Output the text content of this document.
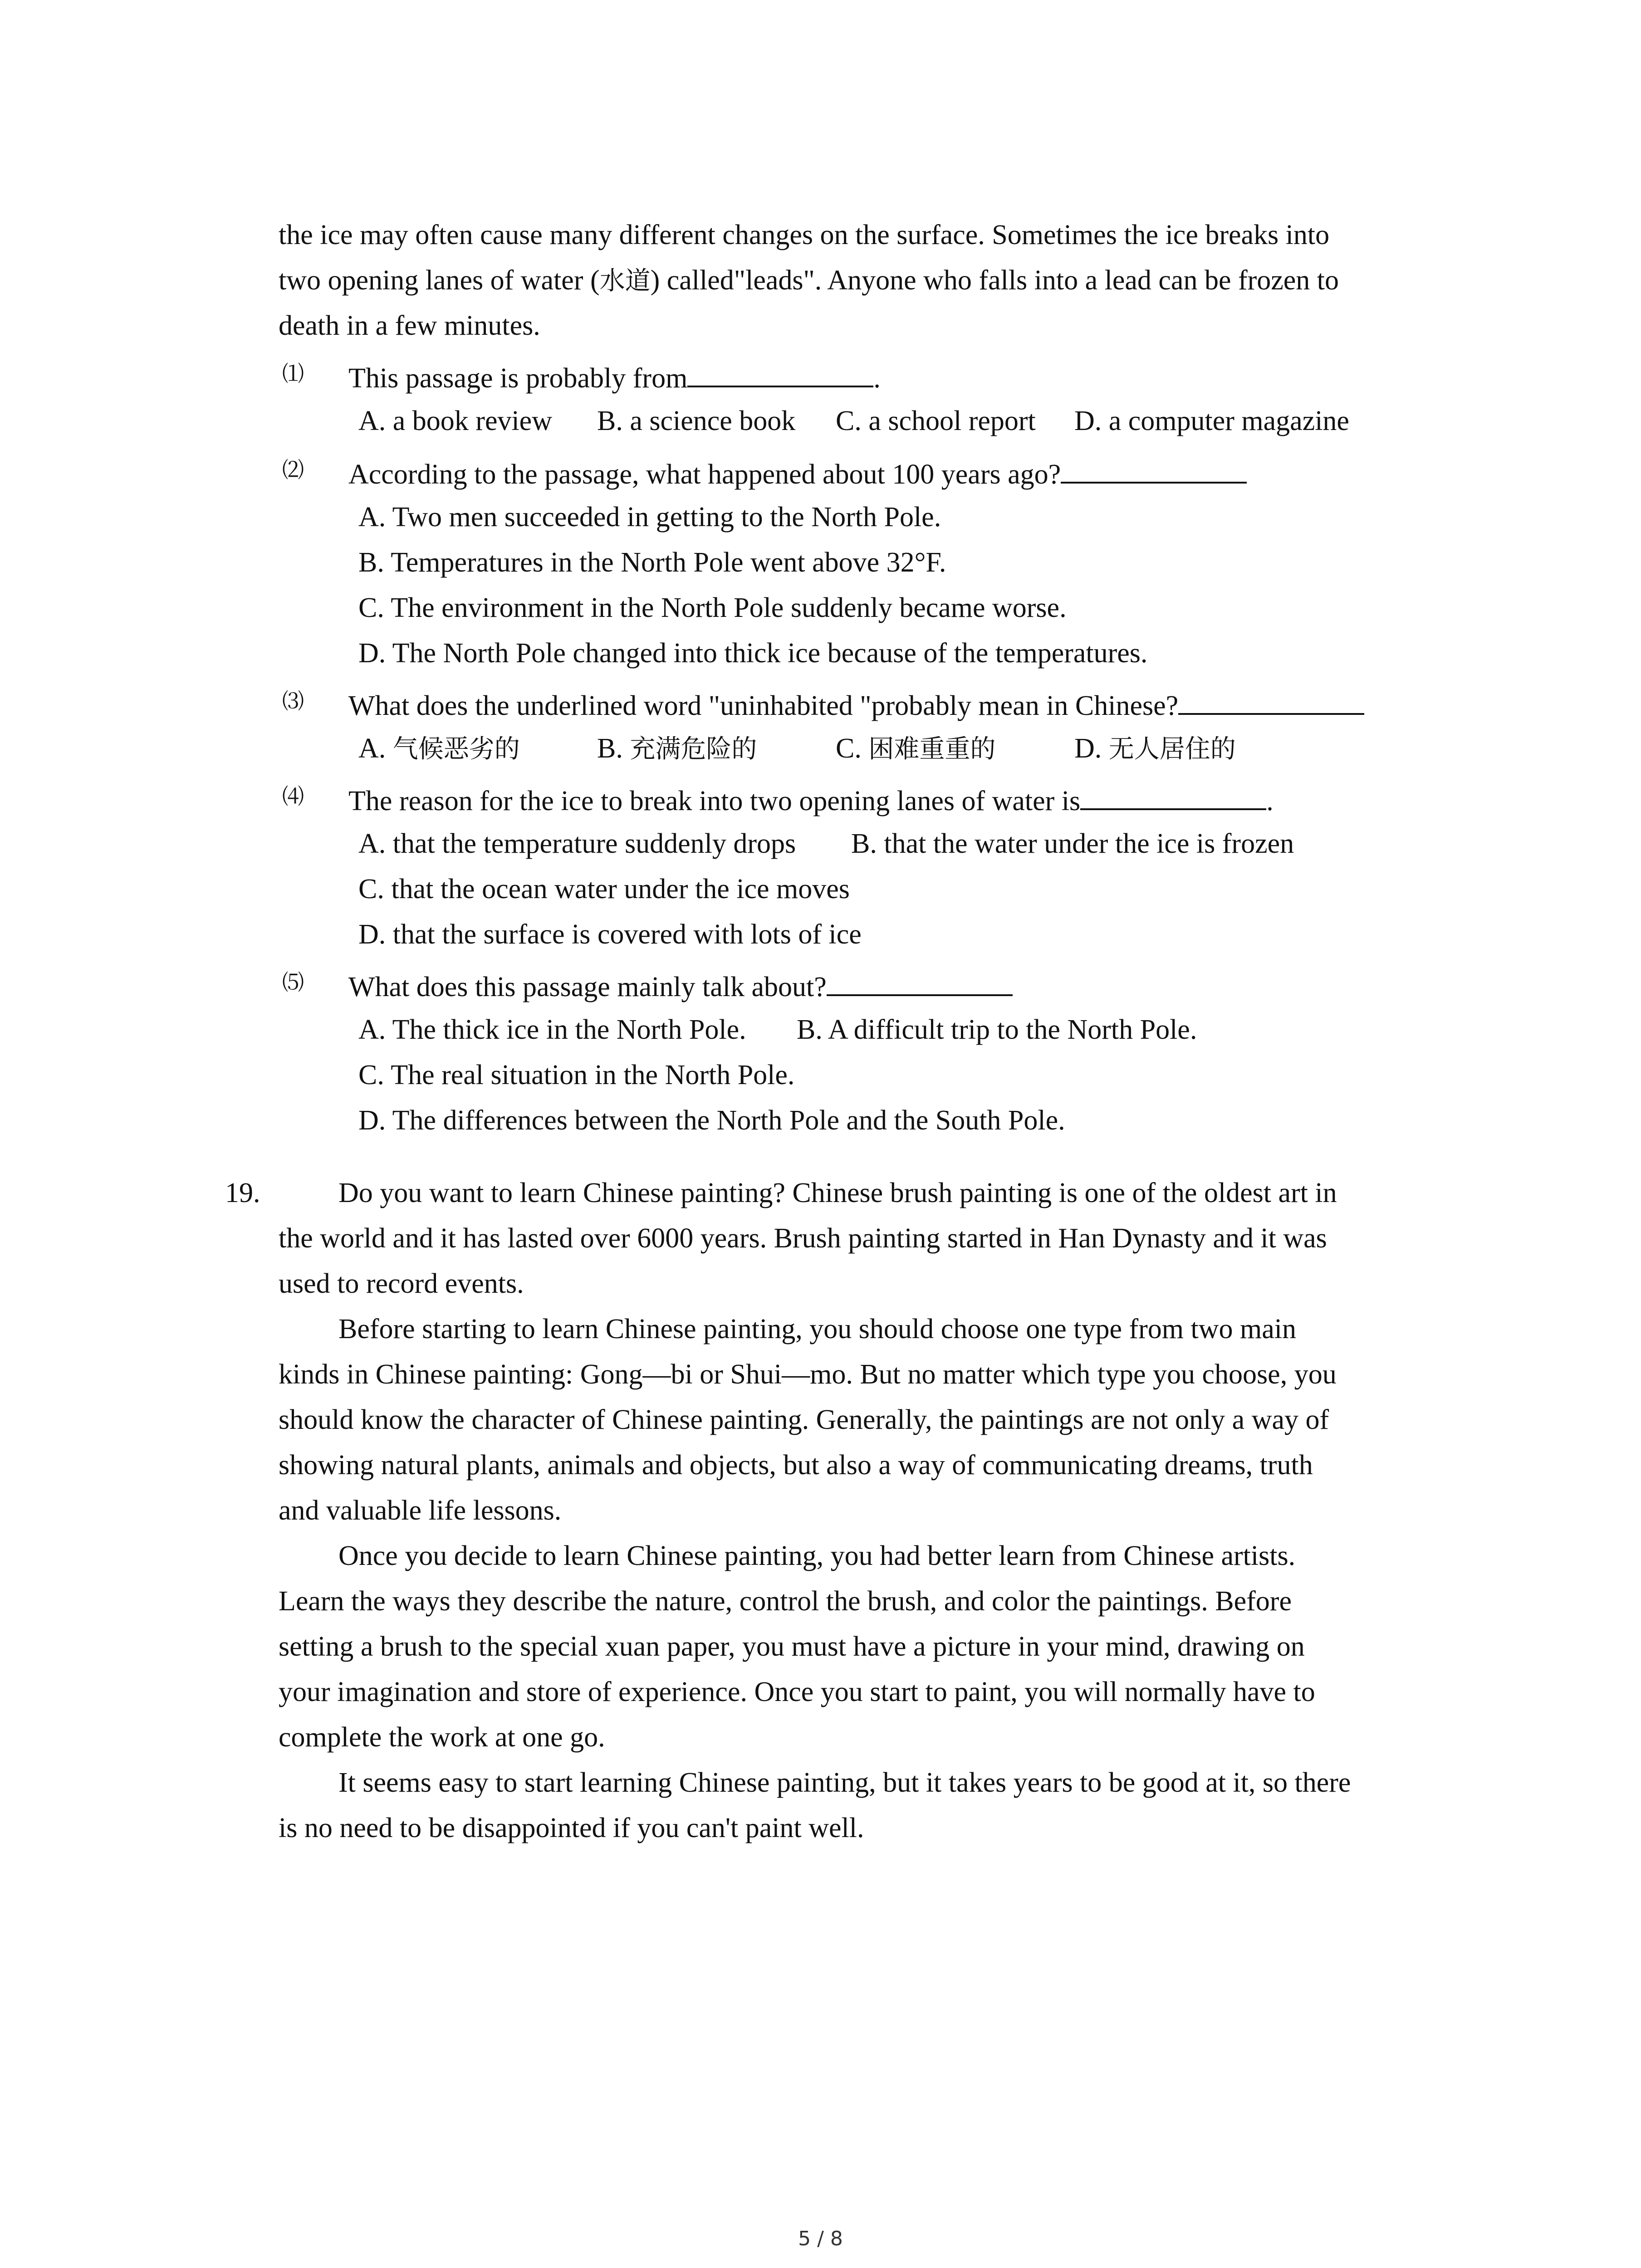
the ice may often cause many different changes on the surface. Sometimes the ice breaks into
two opening lanes of water (水道) called"leads". Anyone who falls into a lead can be frozen to
death in a few minutes.
⑴ This passage is probably from	.
A. a book review B. a science book C. a school report D. a computer magazine
⑵ According to the passage, what happened about 100 years ago?
A. Two men succeeded in getting to the North Pole.
B. Temperatures in the North Pole went above 32°F.
C. The environment in the North Pole suddenly became worse.
D. The North Pole changed into thick ice because of the temperatures.
⑶ What does the underlined word "uninhabited "probably mean in Chinese?
A. 气候恶劣的	B. 充满危险的	C. 困难重重的	D. 无人居住的
⑷ The reason for the ice to break into two opening lanes of water is	.
A. that the temperature suddenly drops B. that the water under the ice is frozen
C. that the ocean water under the ice moves
D. that the surface is covered with lots of ice
⑸ What does this passage mainly talk about?
A. The thick ice in the North Pole. B. A difficult trip to the North Pole.
C. The real situation in the North Pole.
D. The differences between the North Pole and the South Pole.
19.	Do you want to learn Chinese painting? Chinese brush painting is one of the oldest art in
the world and it has lasted over 6000 years. Brush painting started in Han Dynasty and it was
used to record events.
Before starting to learn Chinese painting, you should choose one type from two main
kinds in Chinese painting: Gong—bi or Shui—mo. But no matter which type you choose, you
should know the character of Chinese painting. Generally, the paintings are not only a way of
showing natural plants, animals and objects, but also a way of communicating dreams, truth
and valuable life lessons.
Once you decide to learn Chinese painting, you had better learn from Chinese artists.
Learn the ways they describe the nature, control the brush, and color the paintings. Before
setting a brush to the special xuan paper, you must have a picture in your mind, drawing on
your imagination and store of experience. Once you start to paint, you will normally have to
complete the work at one go.
It seems easy to start learning Chinese painting, but it takes years to be good at it, so there
is no need to be disappointed if you can't paint well.
5 / 8
